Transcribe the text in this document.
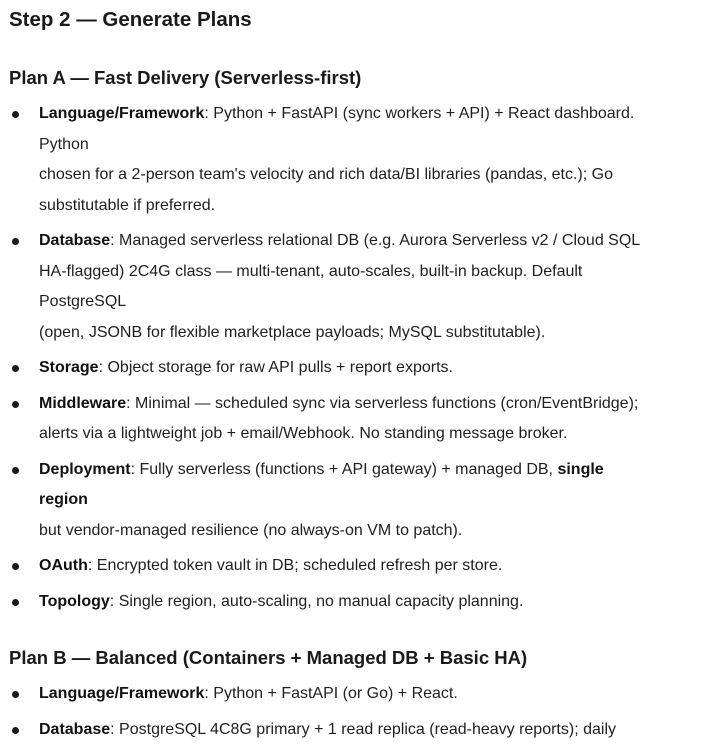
Step 2 — Generate Plans
Plan A — Fast Delivery (Serverless-first)
Language/Framework: Python + FastAPI (sync workers + API) + React dashboard.
Python
chosen for a 2-person team's velocity and rich data/BI libraries (pandas, etc.); Go
substitutable if preferred.
Database: Managed serverless relational DB (e.g. Aurora Serverless v2 / Cloud SQL
HA-flagged) 2C4G class — multi-tenant, auto-scales, built-in backup. Default
PostgreSQL
(open, JSONB for flexible marketplace payloads; MySQL substitutable).
Storage: Object storage for raw API pulls + report exports.
Middleware: Minimal — scheduled sync via serverless functions (cron/EventBridge);
alerts via a lightweight job + email/Webhook. No standing message broker.
Deployment: Fully serverless (functions + API gateway) + managed DB, single
region
but vendor-managed resilience (no always-on VM to patch).
OAuth: Encrypted token vault in DB; scheduled refresh per store.
Topology: Single region, auto-scaling, no manual capacity planning.
Plan B — Balanced (Containers + Managed DB + Basic HA)
Language/Framework: Python + FastAPI (or Go) + React.
Database: PostgreSQL 4C8G primary + 1 read replica (read-heavy reports); daily
